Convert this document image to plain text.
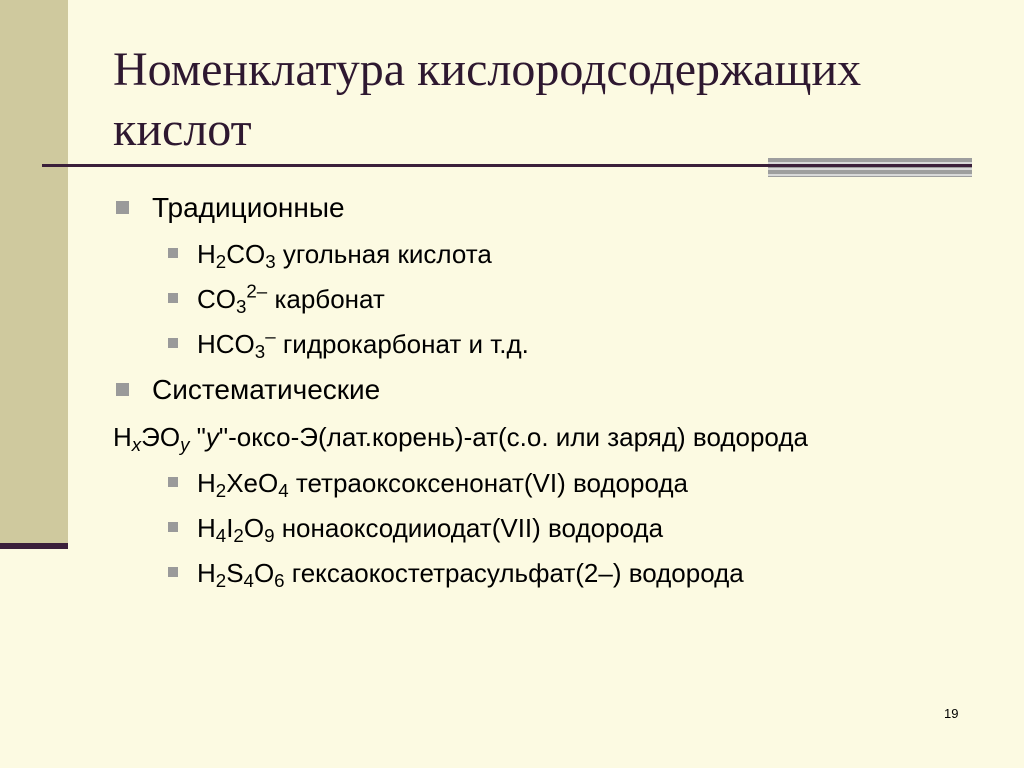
Номенклатура кислородсодержащих кислот
Традиционные
$H_2CO_3$ угольная кислота
$CO_3^{2-}$ карбонат
$HCO_3^-$ гидрокарбонат и т.д.
Систематические
$H_xЭO_y$ "у"-оксо-Э(лат.корень)-ат(с.о. или заряд) водорода
$H_2XeO_4$ тетраоксоксенонат(VI) водорода
$H_4I_2O_9$ нонаоксодииодат(VII) водорода
$H_2S_4O_6$ гексаокостетрасульфат(2–) водорода
19
